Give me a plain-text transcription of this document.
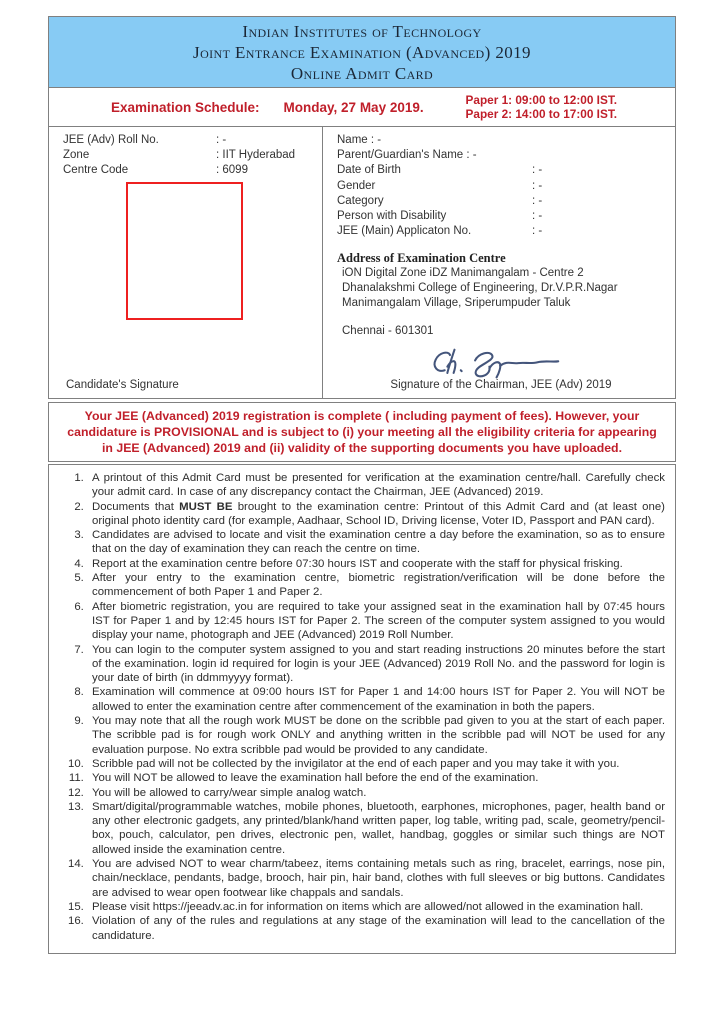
Indian Institutes of Technology
Joint Entrance Examination (Advanced) 2019
Online Admit Card
Examination Schedule: Monday, 27 May 2019.	Paper 1: 09:00 to 12:00 IST.
Paper 2: 14:00 to 17:00 IST.
JEE (Adv) Roll No.	: -
Zone	: IIT Hyderabad
Centre Code	: 6099
Candidate's Signature
Name : -
Parent/Guardian's Name : -
Date of Birth	: -
Gender	: -
Category	: -
Person with Disability	: -
JEE (Main) Applicaton No.	: -
Address of Examination Centre
iON Digital Zone iDZ Manimangalam - Centre 2
Dhanalakshmi College of Engineering, Dr.V.P.R.Nagar
Manimangalam Village, Sriperumpuder Taluk
Chennai - 601301
Signature of the Chairman, JEE (Adv) 2019
Your JEE (Advanced) 2019 registration is complete ( including payment of fees). However, your candidature is PROVISIONAL and is subject to (i) your meeting all the eligibility criteria for appearing in JEE (Advanced) 2019 and (ii) validity of the supporting documents you have uploaded.
1. A printout of this Admit Card must be presented for verification at the examination centre/hall. Carefully check your admit card. In case of any discrepancy contact the Chairman, JEE (Advanced) 2019.
2. Documents that MUST BE brought to the examination centre: Printout of this Admit Card and (at least one) original photo identity card (for example, Aadhaar, School ID, Driving license, Voter ID, Passport and PAN card).
3. Candidates are advised to locate and visit the examination centre a day before the examination, so as to ensure that on the day of examination they can reach the centre on time.
4. Report at the examination centre before 07:30 hours IST and cooperate with the staff for physical frisking.
5. After your entry to the examination centre, biometric registration/verification will be done before the commencement of both Paper 1 and Paper 2.
6. After biometric registration, you are required to take your assigned seat in the examination hall by 07:45 hours IST for Paper 1 and by 12:45 hours IST for Paper 2. The screen of the computer system assigned to you would display your name, photograph and JEE (Advanced) 2019 Roll Number.
7. You can login to the computer system assigned to you and start reading instructions 20 minutes before the start of the examination. login id required for login is your JEE (Advanced) 2019 Roll No. and the password for login is your date of birth (in ddmmyyyy format).
8. Examination will commence at 09:00 hours IST for Paper 1 and 14:00 hours IST for Paper 2. You will NOT be allowed to enter the examination centre after commencement of the examination in both the papers.
9. You may note that all the rough work MUST be done on the scribble pad given to you at the start of each paper. The scribble pad is for rough work ONLY and anything written in the scribble pad will NOT be used for any evaluation purpose. No extra scribble pad would be provided to any candidate.
10. Scribble pad will not be collected by the invigilator at the end of each paper and you may take it with you.
11. You will NOT be allowed to leave the examination hall before the end of the examination.
12. You will be allowed to carry/wear simple analog watch.
13. Smart/digital/programmable watches, mobile phones, bluetooth, earphones, microphones, pager, health band or any other electronic gadgets, any printed/blank/hand written paper, log table, writing pad, scale, geometry/pencil- box, pouch, calculator, pen drives, electronic pen, wallet, handbag, goggles or similar such things are NOT allowed inside the examination centre.
14. You are advised NOT to wear charm/tabeez, items containing metals such as ring, bracelet, earrings, nose pin, chain/necklace, pendants, badge, brooch, hair pin, hair band, clothes with full sleeves or big buttons. Candidates are advised to wear open footwear like chappals and sandals.
15. Please visit https://jeeadv.ac.in for information on items which are allowed/not allowed in the examination hall.
16. Violation of any of the rules and regulations at any stage of the examination will lead to the cancellation of the candidature.
